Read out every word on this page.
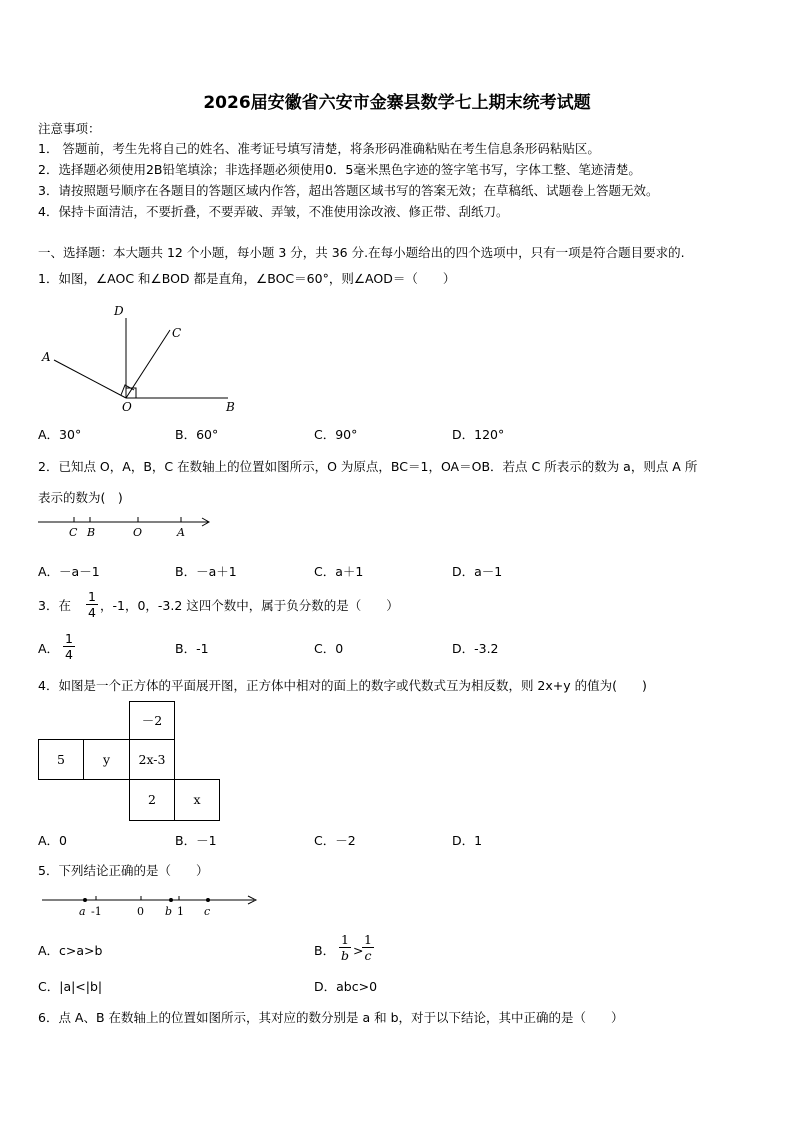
2026届安徽省六安市金寨县数学七上期末统考试题
注意事项：
1． 答题前，考生先将自己的姓名、准考证号填写清楚，将条形码准确粘贴在考生信息条形码粘贴区。
2．选择题必须使用2B铅笔填涂；非选择题必须使用0．5毫米黑色字迹的签字笔书写，字体工整、笔迹清楚。
3．请按照题号顺序在各题目的答题区域内作答，超出答题区域书写的答案无效；在草稿纸、试题卷上答题无效。
4．保持卡面清洁，不要折叠，不要弄破、弄皱，不准使用涂改液、修正带、刮纸刀。
一、选择题：本大题共 12 个小题，每小题 3 分，共 36 分.在每小题给出的四个选项中，只有一项是符合题目要求的.
1．如图，∠AOC 和∠BOD 都是直角，∠BOC＝60°，则∠AOD＝（　　）
D
C
A
O	B
A．30°	B．60°	C．90°	D．120°
2．已知点 O，A，B，C 在数轴上的位置如图所示，O 为原点，BC＝1，OA＝OB．若点 C 所表示的数为 a，则点 A 所
表示的数为(　)
C B	O	A
A．－a－1	B．－a＋1	C．a＋1	D．a－1
3．在 $\frac{1}{4}$ ，-1，0，-3.2 这四个数中，属于负分数的是（　　）
A． $\frac{1}{4}$	B．-1	C．0	D．-3.2
4．如图是一个正方体的平面展开图，正方体中相对的面上的数字或代数式互为相反数，则 2x+y 的值为(　　)
－2
5	y	2x-3
2	x
A．0	B．－1	C．－2	D．1
5．下列结论正确的是（　　）
a -1	0 b 1 c
A．c>a>b	B． $\frac{1}{b}$ >
$\frac{1}{c}$
C．|a|<|b|	D．abc>0
6．点 A、B 在数轴上的位置如图所示，其对应的数分别是 a 和 b，对于以下结论，其中正确的是（　　）
